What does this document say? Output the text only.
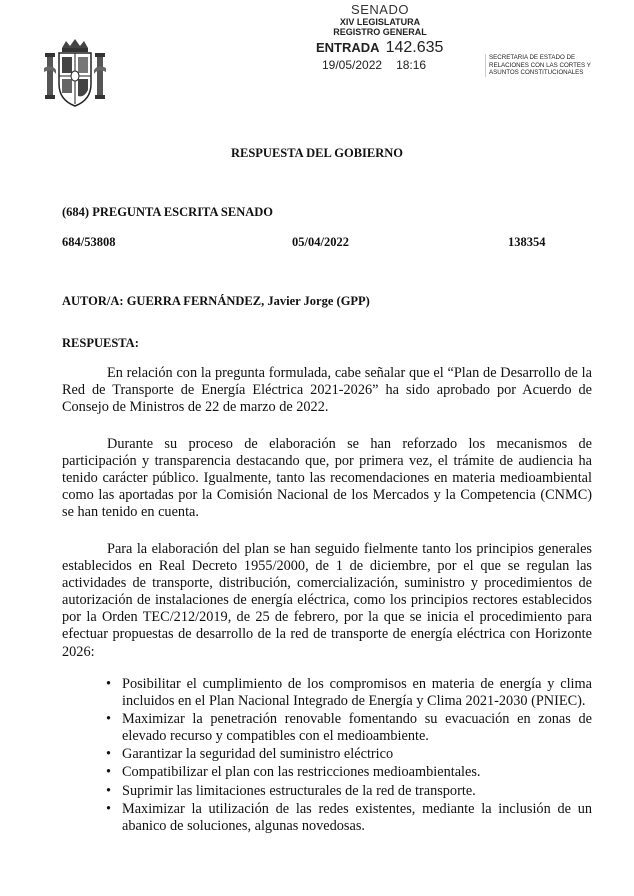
SENADO
XIV LEGISLATURA
REGISTRO GENERAL
ENTRADA 142.635
19/05/2022 18:16
SECRETARIA DE ESTADO DE
RELACIONES CON LAS CORTES Y
ASUNTOS CONSTITUCIONALES
RESPUESTA DEL GOBIERNO
(684) PREGUNTA ESCRITA SENADO
684/53808	05/04/2022	138354
AUTOR/A: GUERRA FERNÁNDEZ, Javier Jorge (GPP)
RESPUESTA:

En relación con la pregunta formulada, cabe señalar que el “Plan de Desarrollo de la Red de Transporte de Energía Eléctrica 2021-2026” ha sido aprobado por Acuerdo de Consejo de Ministros de 22 de marzo de 2022.

Durante su proceso de elaboración se han reforzado los mecanismos de participación y transparencia destacando que, por primera vez, el trámite de audiencia ha tenido carácter público. Igualmente, tanto las recomendaciones en materia medioambiental como las aportadas por la Comisión Nacional de los Mercados y la Competencia (CNMC) se han tenido en cuenta.

Para la elaboración del plan se han seguido fielmente tanto los principios generales establecidos en Real Decreto 1955/2000, de 1 de diciembre, por el que se regulan las actividades de transporte, distribución, comercialización, suministro y procedimientos de autorización de instalaciones de energía eléctrica, como los principios rectores establecidos por la Orden TEC/212/2019, de 25 de febrero, por la que se inicia el procedimiento para efectuar propuestas de desarrollo de la red de transporte de energía eléctrica con Horizonte 2026:

• Posibilitar el cumplimiento de los compromisos en materia de energía y clima incluidos en el Plan Nacional Integrado de Energía y Clima 2021-2030 (PNIEC).
• Maximizar la penetración renovable fomentando su evacuación en zonas de elevado recurso y compatibles con el medioambiente.
• Garantizar la seguridad del suministro eléctrico
• Compatibilizar el plan con las restricciones medioambientales.
• Suprimir las limitaciones estructurales de la red de transporte.
• Maximizar la utilización de las redes existentes, mediante la inclusión de un abanico de soluciones, algunas novedosas.
